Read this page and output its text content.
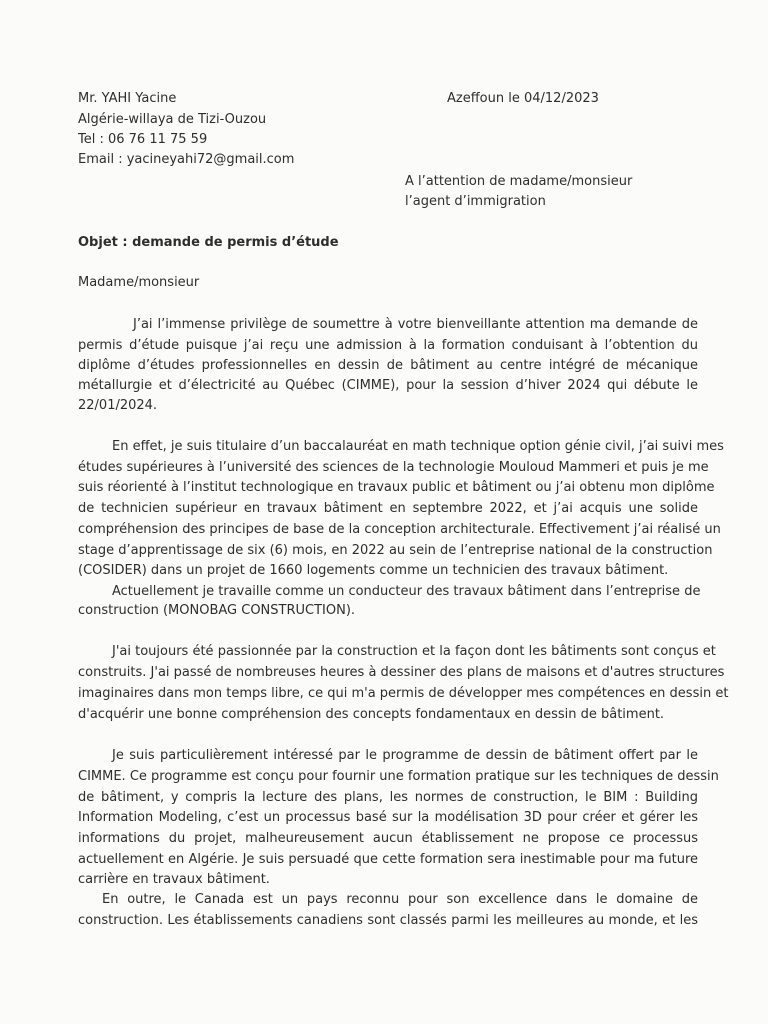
Mr. YAHI Yacine
Algérie-willaya de Tizi-Ouzou
Tel : 06 76 11 75 59
Email : yacineyahi72@gmail.com
Azeffoun le 04/12/2023
A l’attention de madame/monsieur
l’agent d’immigration
Objet : demande de permis d’étude
Madame/monsieur
J’ai l’immense privilège de soumettre à votre bienveillante attention ma demande de
permis d’étude puisque j’ai reçu une admission à la formation conduisant à l’obtention du
diplôme d’études professionnelles en dessin de bâtiment au centre intégré de mécanique
métallurgie et d’électricité au Québec (CIMME), pour la session d’hiver 2024 qui débute le
22/01/2024.
En effet, je suis titulaire d’un baccalauréat en math technique option génie civil, j’ai suivi mes
études supérieures à l’université des sciences de la technologie Mouloud Mammeri et puis je me
suis réorienté à l’institut technologique en travaux public et bâtiment ou j’ai obtenu mon diplôme
de technicien supérieur en travaux bâtiment en septembre 2022, et j’ai acquis une solide
compréhension des principes de base de la conception architecturale. Effectivement j’ai réalisé un
stage d’apprentissage de six (6) mois, en 2022 au sein de l’entreprise national de la construction
(COSIDER) dans un projet de 1660 logements comme un technicien des travaux bâtiment.
Actuellement je travaille comme un conducteur des travaux bâtiment dans l’entreprise de
construction (MONOBAG CONSTRUCTION).
J'ai toujours été passionnée par la construction et la façon dont les bâtiments sont conçus et
construits. J'ai passé de nombreuses heures à dessiner des plans de maisons et d'autres structures
imaginaires dans mon temps libre, ce qui m'a permis de développer mes compétences en dessin et
d'acquérir une bonne compréhension des concepts fondamentaux en dessin de bâtiment.
Je suis particulièrement intéressé par le programme de dessin de bâtiment offert par le
CIMME. Ce programme est conçu pour fournir une formation pratique sur les techniques de dessin
de bâtiment, y compris la lecture des plans, les normes de construction, le BIM : Building
Information Modeling, c’est un processus basé sur la modélisation 3D pour créer et gérer les
informations du projet, malheureusement aucun établissement ne propose ce processus
actuellement en Algérie. Je suis persuadé que cette formation sera inestimable pour ma future
carrière en travaux bâtiment.
En outre, le Canada est un pays reconnu pour son excellence dans le domaine de
construction. Les établissements canadiens sont classés parmi les meilleures au monde, et les
